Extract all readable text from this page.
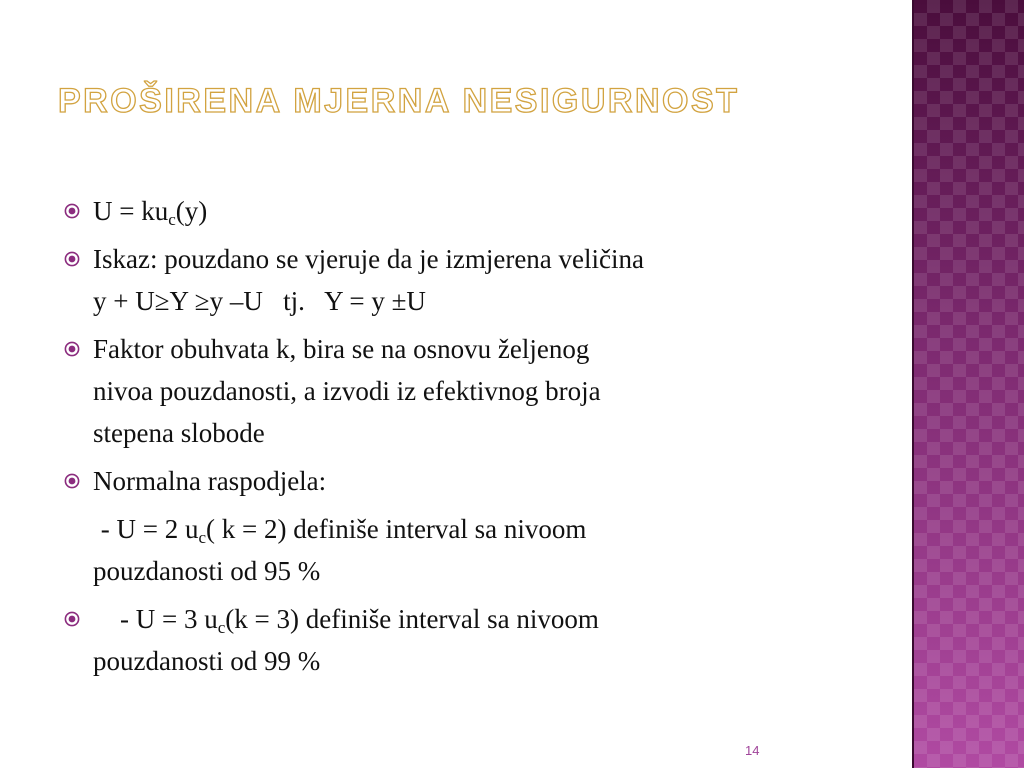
PROŠIRENA MJERNA NESIGURNOST
$U = ku_c(y)$
Iskaz: pouzdano se vjeruje da je izmjerena veličina
y + U≥Y ≥y –U   tj.   Y = y ±U
Faktor obuhvata k, bira se na osnovu željenog
nivoa pouzdanosti, a izvodi iz efektivnog broja
stepena slobode
Normalna raspodjela:
- U = 2 $u_c$( k = 2) definiše interval sa nivoom
pouzdanosti od 95 %
- U = 3 $u_c(k = 3)$ definiše interval sa nivoom
pouzdanosti od 99 %
14
